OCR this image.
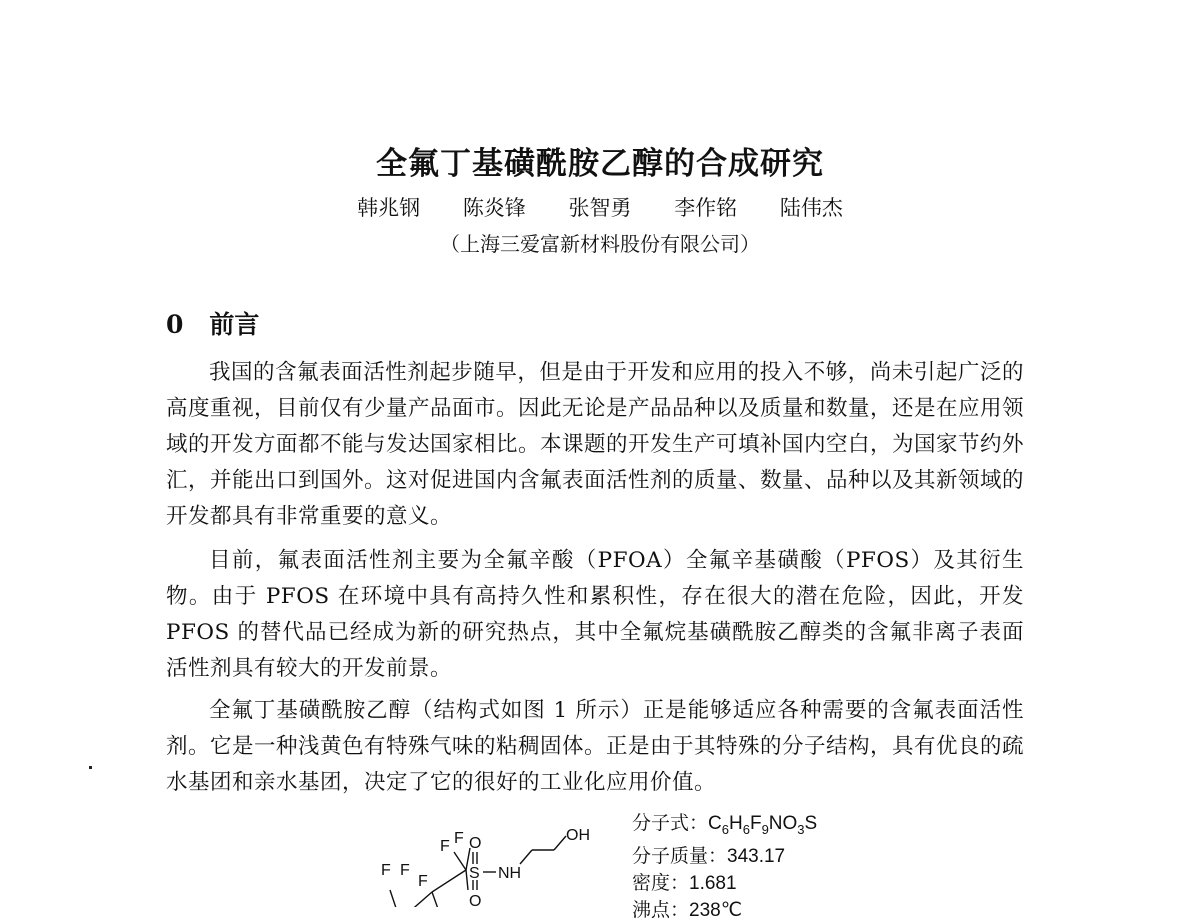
全氟丁基磺酰胺乙醇的合成研究
韩兆钢 陈炎锋 张智勇 李作铭 陆伟杰
（上海三爱富新材料股份有限公司）
0 前言

我国的含氟表面活性剂起步随早，但是由于开发和应用的投入不够，尚未引起广泛的高度重视，目前仅有少量产品面市。因此无论是产品品种以及质量和数量，还是在应用领域的开发方面都不能与发达国家相比。本课题的开发生产可填补国内空白，为国家节约外汇，并能出口到国外。这对促进国内含氟表面活性剂的质量、数量、品种以及其新领域的开发都具有非常重要的意义。

目前，氟表面活性剂主要为全氟辛酸（PFOA）全氟辛基磺酸（PFOS）及其衍生物。由于 PFOS 在环境中具有高持久性和累积性，存在很大的潜在危险，因此，开发 PFOS 的替代品已经成为新的研究热点，其中全氟烷基磺酰胺乙醇类的含氟非离子表面活性剂具有较大的开发前景。

全氟丁基磺酰胺乙醇（结构式如图 1 所示）正是能够适应各种需要的含氟表面活性剂。它是一种浅黄色有特殊气味的粘稠固体。正是由于其特殊的分子结构，具有优良的疏水基团和亲水基团，决定了它的很好的工业化应用价值。

F F
F F
F
O
S
O
NH
OH
分子式：$C_6H_6F_9NO_3S$
分子质量：343.17
密度：1.681
沸点：238℃
